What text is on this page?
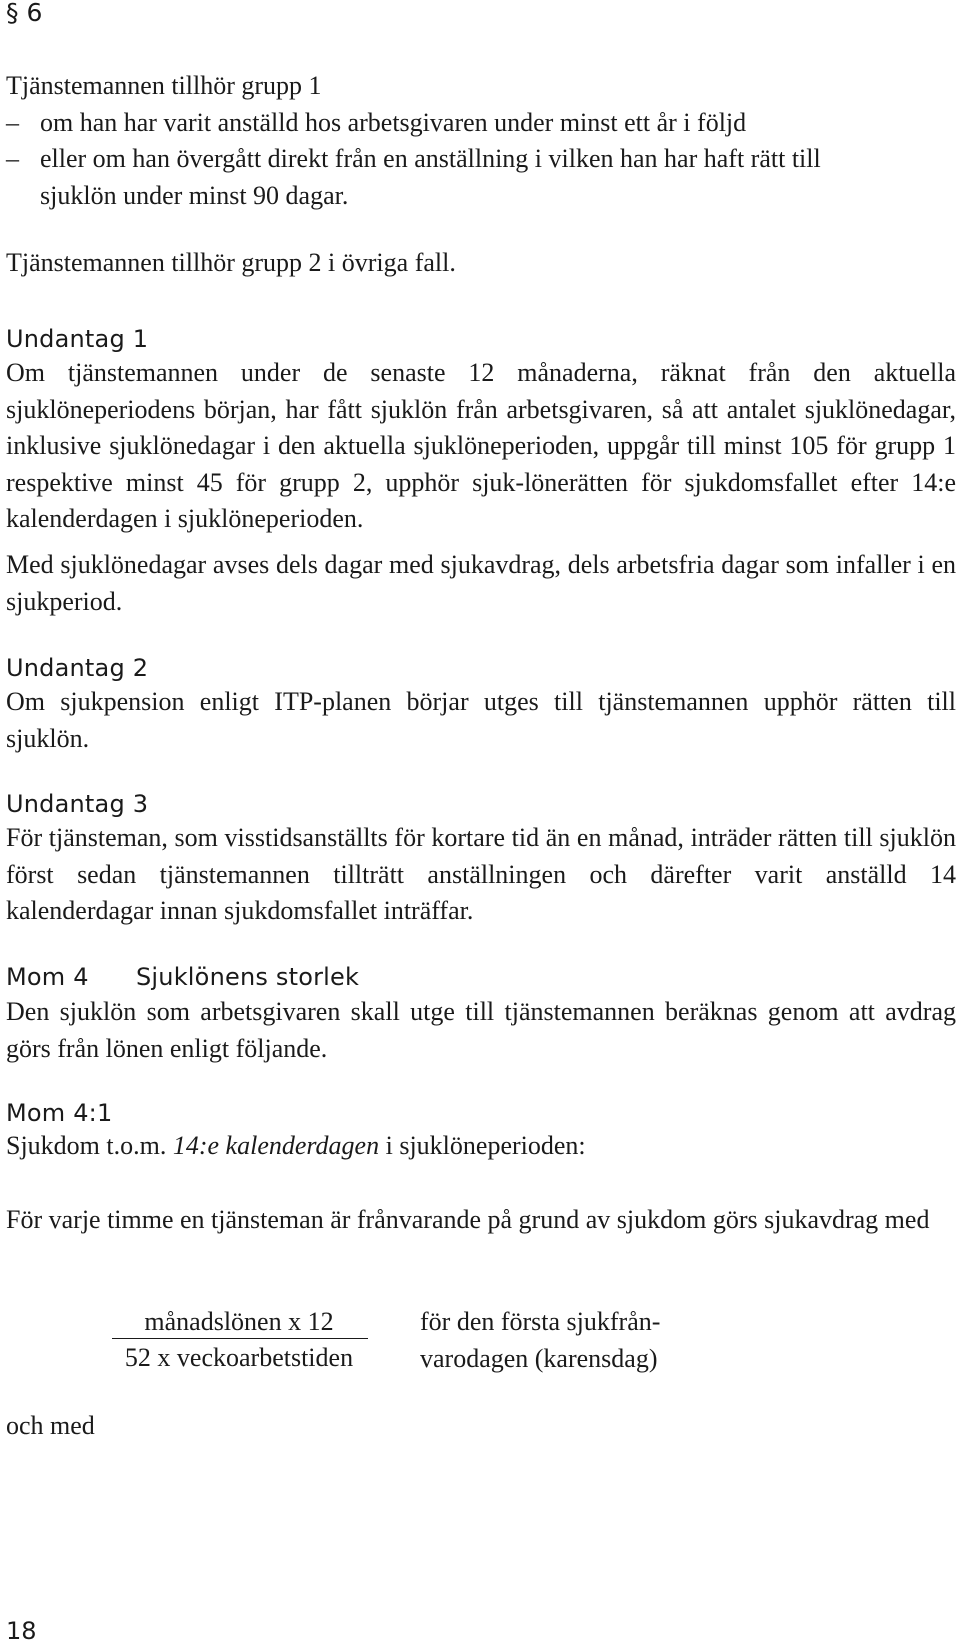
§ 6
Tjänstemannen tillhör grupp 1
– om han har varit anställd hos arbetsgivaren under minst ett år i följd
– eller om han övergått direkt från en anställning i vilken han har haft rätt till
sjuklön under minst 90 dagar.
Tjänstemannen tillhör grupp 2 i övriga fall.
Undantag 1
Om tjänstemannen under de senaste 12 månaderna, räknat från den aktuella sjuklöneperiodens början, har fått sjuklön från arbetsgivaren, så att antalet sjuklönedagar, inklusive sjuklönedagar i den aktuella sjuklöneperioden, uppgår till minst 105 för grupp 1 respektive minst 45 för grupp 2, upphör sjuk-lönerätten för sjukdomsfallet efter 14:e kalenderdagen i sjuklöneperioden.
Med sjuklönedagar avses dels dagar med sjukavdrag, dels arbetsfria dagar som infaller i en sjukperiod.
Undantag 2
Om sjukpension enligt ITP-planen börjar utges till tjänstemannen upphör rätten till sjuklön.
Undantag 3
För tjänsteman, som visstidsanställts för kortare tid än en månad, inträder rätten till sjuklön först sedan tjänstemannen tillträtt anställningen och därefter varit anställd 14 kalenderdagar innan sjukdomsfallet inträffar.
Mom 4 Sjuklönens storlek
Den sjuklön som arbetsgivaren skall utge till tjänstemannen beräknas genom att avdrag görs från lönen enligt följande.
Mom 4:1
Sjukdom t.o.m. 14:e kalenderdagen i sjuklöneperioden:
För varje timme en tjänsteman är frånvarande på grund av sjukdom görs sjukavdrag med
månadslönen x 12
52 x veckoarbetstiden
för den första sjukfrån-
varodagen (karensdag)
och med
18
